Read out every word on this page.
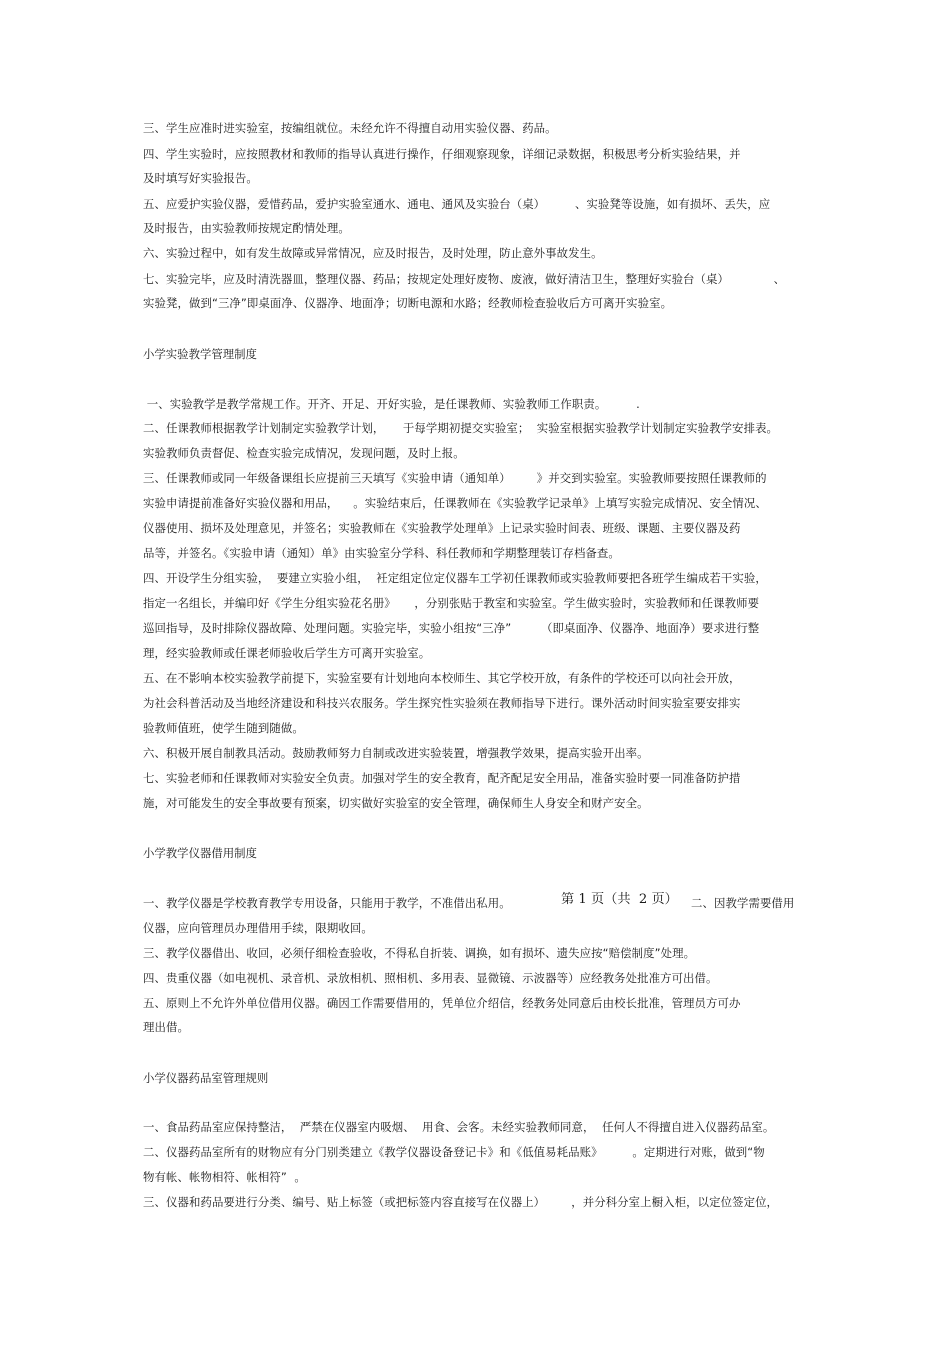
三、学生应准时进实验室，按编组就位。未经允许不得擅自动用实验仪器、药品。
四、学生实验时，应按照教材和教师的指导认真进行操作，仔细观察现象，详细记录数据，积极思考分析实验结果，并
及时填写好实验报告。
五、应爱护实验仪器，爱惜药品，爱护实验室通水、通电、通风及实验台（桌）        、实验凳等设施，如有损坏、丢失，应
及时报告，由实验教师按规定酌情处理。
六、实验过程中，如有发生故障或异常情况，应及时报告，及时处理，防止意外事故发生。
七、实验完毕，应及时清洗器皿，整理仪器、药品；按规定处理好废物、废液，做好清洁卫生，整理好实验台（桌）            、
实验凳，做到“三净”即桌面净、仪器净、地面净；切断电源和水路；经教师检查验收后方可离开实验室。
小学实验教学管理制度
一、实验教学是教学常规工作。开齐、开足、开好实验，是任课教师、实验教师工作职责。        .
二、任课教师根据教学计划制定实验教学计划，     于每学期初提交实验室；  实验室根据实验教学计划制定实验教学安排表。
实验教师负责督促、检查实验完成情况，发现问题，及时上报。
三、任课教师或同一年级备课组长应提前三天填写《实验申请（通知单）       》并交到实验室。实验教师要按照任课教师的
实验申请提前准备好实验仪器和用品，    。实验结束后，任课教师在《实验教学记录单》上填写实验完成情况、安全情况、
仪器使用、损坏及处理意见，并签名；实验教师在《实验教学处理单》上记录实验时间表、班级、课题、主要仪器及药
品等，并签名。《实验申请（通知）单》由实验室分学科、科任教师和学期整理装订存档备查。
四、开设学生分组实验，  要建立实验小组，  衽定组定位定仪器车工学初任课教师或实验教师要把各班学生编成若干实验，
指定一名组长，并编印好《学生分组实验花名册》     ，分别张贴于教室和实验室。学生做实验时，实验教师和任课教师要
巡回指导，及时排除仪器故障、处理问题。实验完毕，实验小组按“三净”        （即桌面净、仪器净、地面净）要求进行整
理，经实验教师或任课老师验收后学生方可离开实验室。
五、在不影响本校实验教学前提下，实验室要有计划地向本校师生、其它学校开放，有条件的学校还可以向社会开放，
为社会科普活动及当地经济建设和科技兴农服务。学生探究性实验须在教师指导下进行。课外活动时间实验室要安排实
验教师值班，使学生随到随做。
六、积极开展自制教具活动。鼓励教师努力自制或改进实验装置，增强教学效果，提高实验开出率。
七、实验老师和任课教师对实验安全负责。加强对学生的安全教育，配齐配足安全用品，准备实验时要一同准备防护措
施，对可能发生的安全事故要有预案，切实做好实验室的安全管理，确保师生人身安全和财产安全。
小学教学仪器借用制度
一、教学仪器是学校教育教学专用设备，只能用于教学，不准借出私用。	第 1 页（共  2 页） 二、因教学需要借用
仪器，应向管理员办理借用手续，限期收回。
三、教学仪器借出、收回，必须仔细检查验收，不得私自折装、调换，如有损坏、遗失应按“赔偿制度”处理。
四、贵重仪器（如电视机、录音机、录放相机、照相机、多用表、显微镜、示波器等）应经教务处批准方可出借。
五、原则上不允许外单位借用仪器。确因工作需要借用的，凭单位介绍信，经教务处同意后由校长批准，管理员方可办
理出借。
小学仪器药品室管理规则
一、食品药品室应保持整洁，  严禁在仪器室内吸烟、  用食、会客。未经实验教师同意，  任何人不得擅自进入仪器药品室。
二、仪器药品室所有的财物应有分门别类建立《教学仪器设备登记卡》和《低值易耗品账》        。定期进行对账，做到“物
物有帐、帐物相符、帐相符”  。
三、仪器和药品要进行分类、编号、贴上标签（或把标签内容直接写在仪器上）       ，并分科分室上橱入柜，以定位签定位，
